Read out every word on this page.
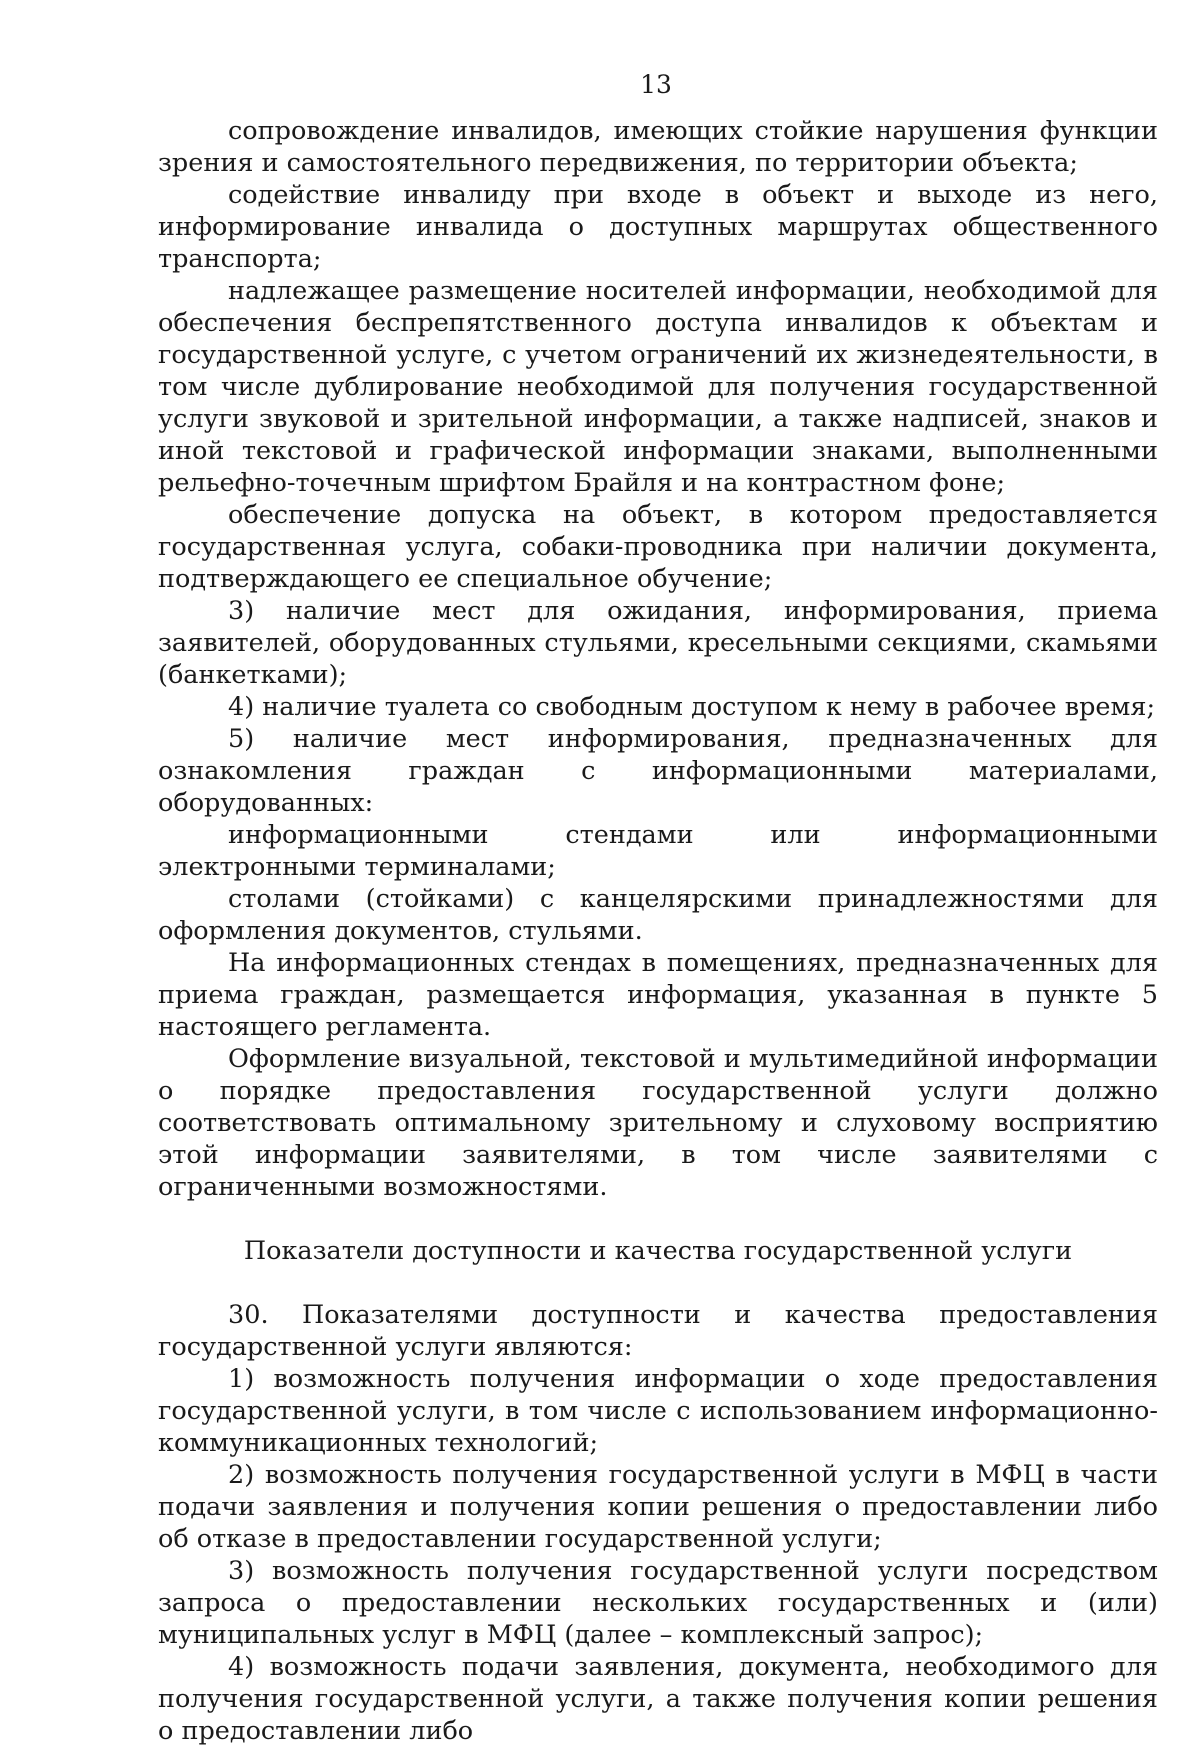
13

сопровождение инвалидов, имеющих стойкие нарушения функции зрения и самостоятельного передвижения, по территории объекта;

содействие инвалиду при входе в объект и выходе из него, информирование инвалида о доступных маршрутах общественного транспорта;

надлежащее размещение носителей информации, необходимой для обеспечения беспрепятственного доступа инвалидов к объектам и государственной услуге, с учетом ограничений их жизнедеятельности, в том числе дублирование необходимой для получения государственной услуги звуковой и зрительной информации, а также надписей, знаков и иной текстовой и графической информации знаками, выполненными рельефно-точечным шрифтом Брайля и на контрастном фоне;

обеспечение допуска на объект, в котором предоставляется государственная услуга, собаки-проводника при наличии документа, подтверждающего ее специальное обучение;

3) наличие мест для ожидания, информирования, приема заявителей, оборудованных стульями, кресельными секциями, скамьями (банкетками);

4) наличие туалета со свободным доступом к нему в рабочее время;

5) наличие мест информирования, предназначенных для ознакомления граждан с информационными материалами, оборудованных:

информационными стендами или информационными электронными терминалами;

столами (стойками) с канцелярскими принадлежностями для оформления документов, стульями.

На информационных стендах в помещениях, предназначенных для приема граждан, размещается информация, указанная в пункте 5 настоящего регламента.

Оформление визуальной, текстовой и мультимедийной информации о порядке предоставления государственной услуги должно соответствовать оптимальному зрительному и слуховому восприятию этой информации заявителями, в том числе заявителями с ограниченными возможностями.

Показатели доступности и качества государственной услуги

30. Показателями доступности и качества предоставления государственной услуги являются:

1) возможность получения информации о ходе предоставления государственной услуги, в том числе с использованием информационно-коммуникационных технологий;

2) возможность получения государственной услуги в МФЦ в части подачи заявления и получения копии решения о предоставлении либо об отказе в предоставлении государственной услуги;

3) возможность получения государственной услуги посредством запроса о предоставлении нескольких государственных и (или) муниципальных услуг в МФЦ (далее – комплексный запрос);

4) возможность подачи заявления, документа, необходимого для получения государственной услуги, а также получения копии решения о предоставлении либо
